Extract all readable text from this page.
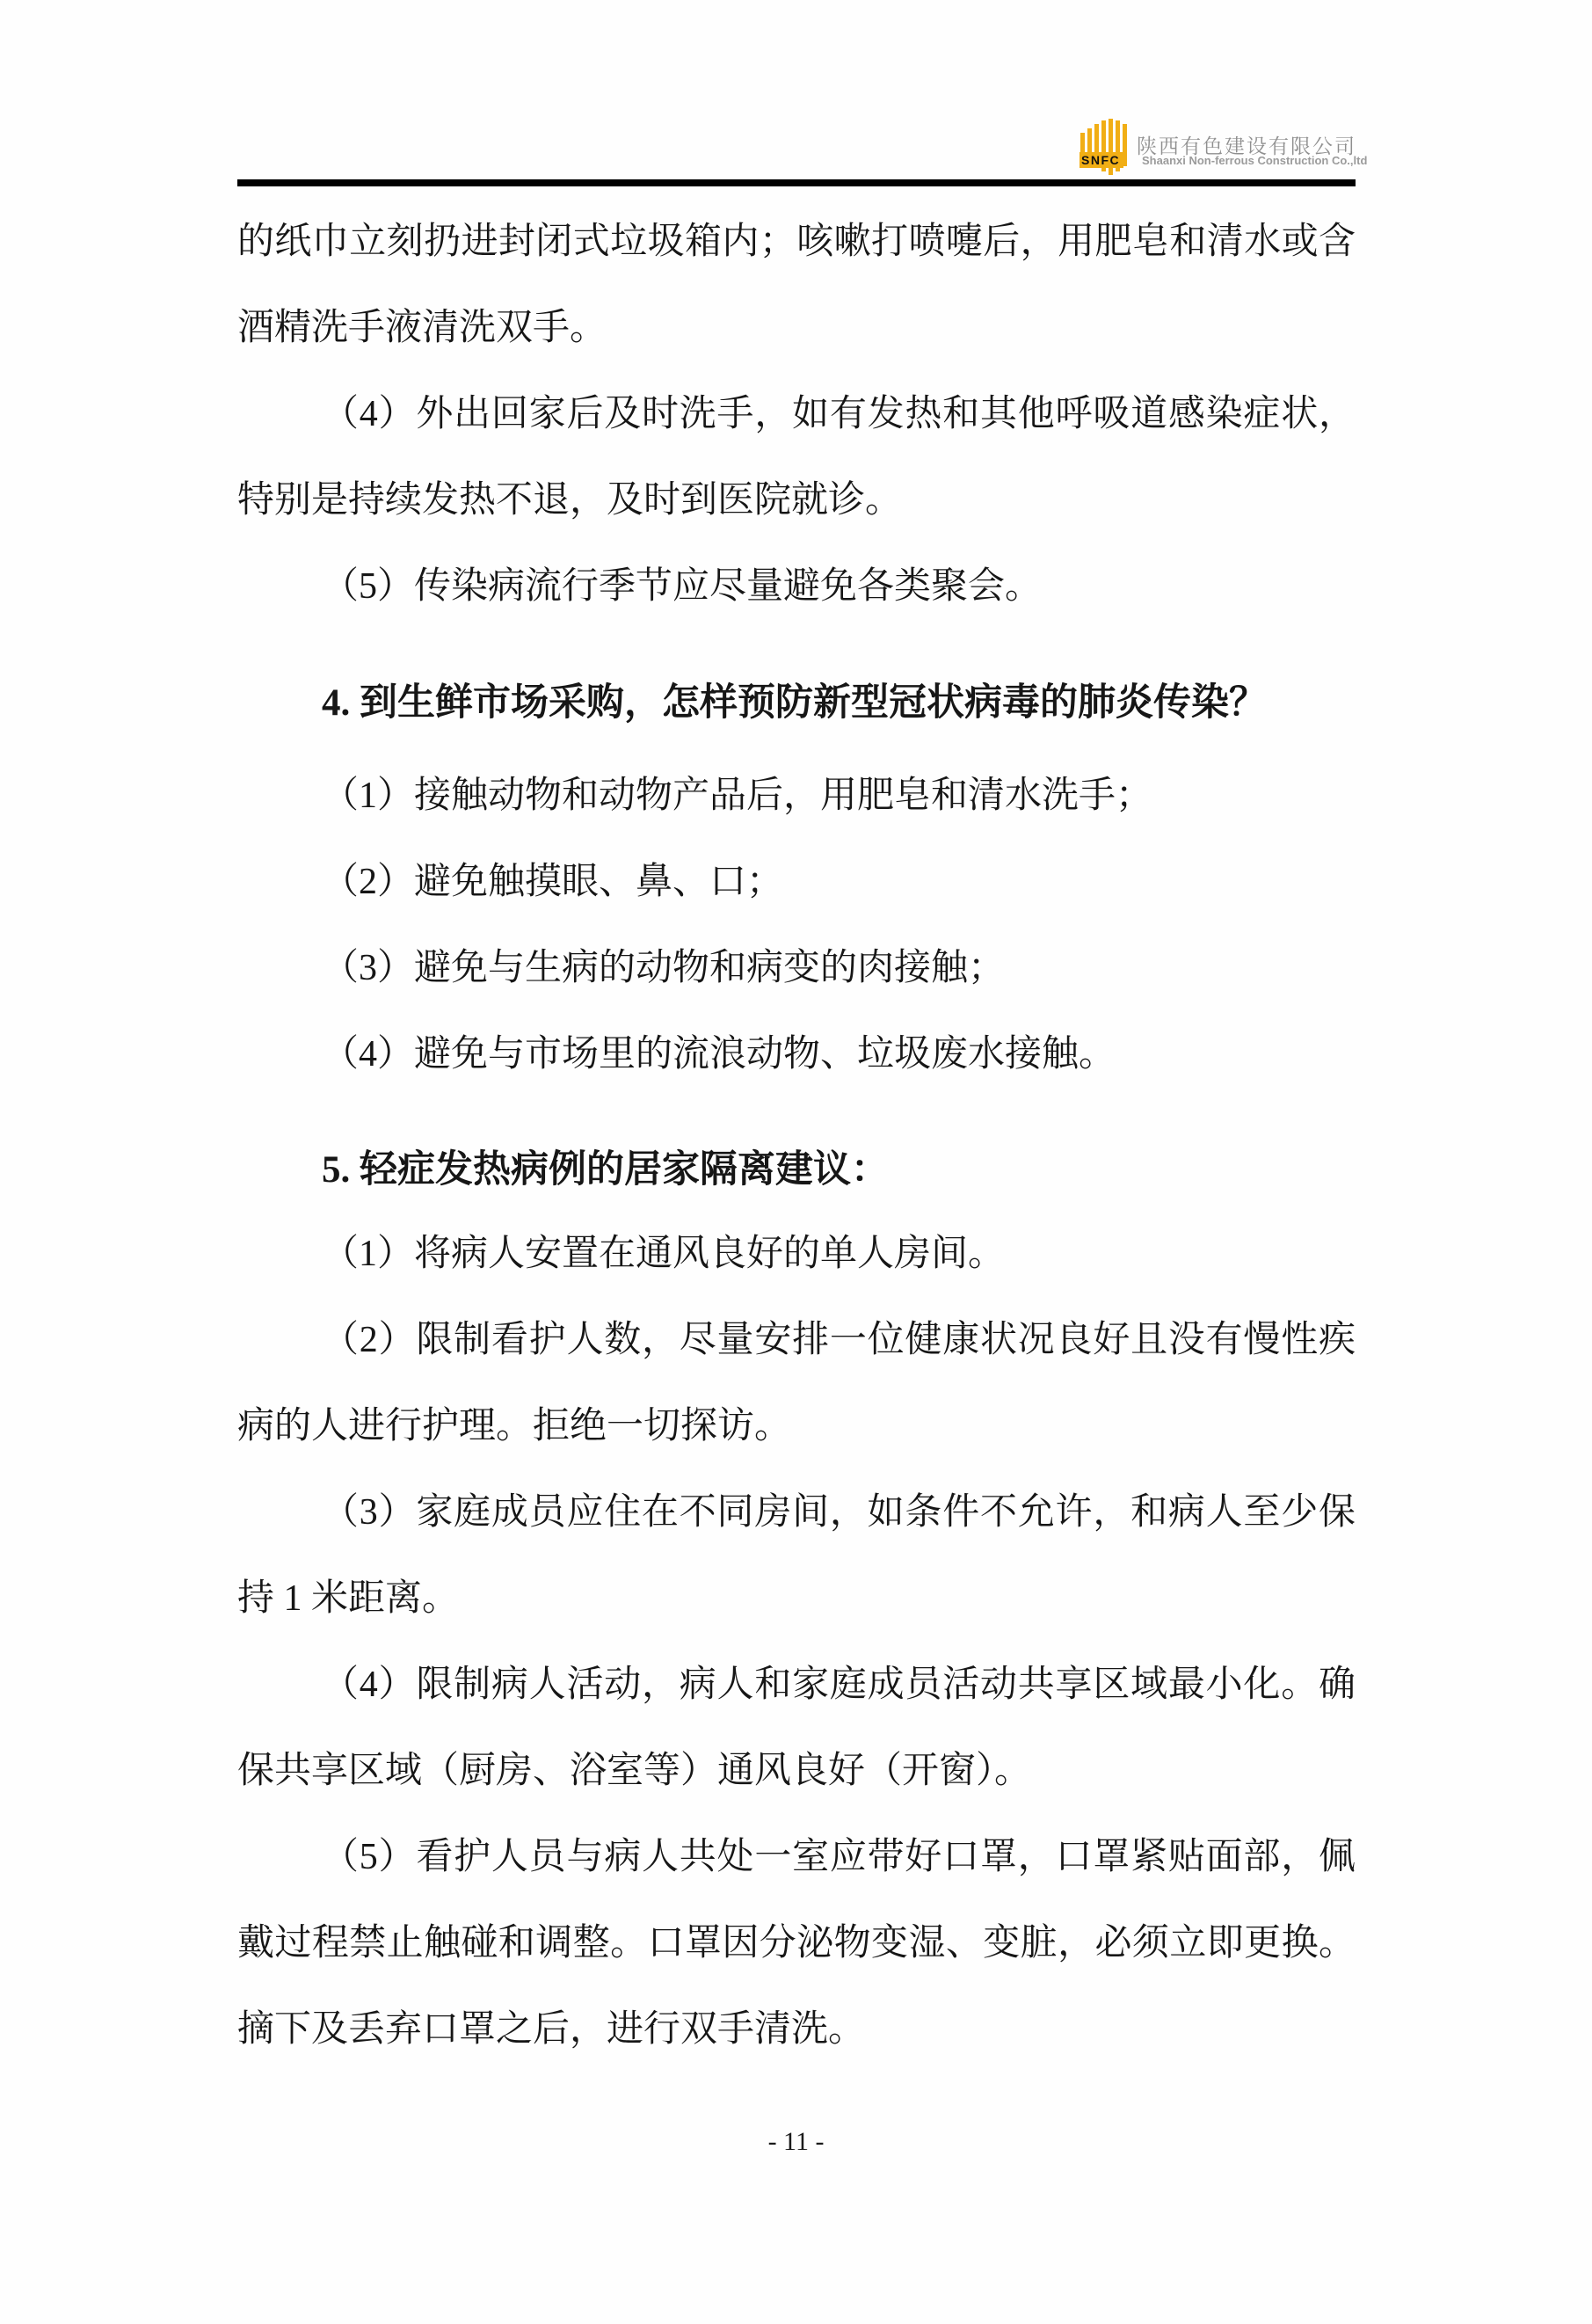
SNFC
陕西有色建设有限公司
Shaanxi Non-ferrous Construction Co.,ltd
的纸巾立刻扔进封闭式垃圾箱内；咳嗽打喷嚏后，用肥皂和清水或含
酒精洗手液清洗双手。
（4）外出回家后及时洗手，如有发热和其他呼吸道感染症状，
特别是持续发热不退，及时到医院就诊。
（5）传染病流行季节应尽量避免各类聚会。
4. 到生鲜市场采购，怎样预防新型冠状病毒的肺炎传染？
（1）接触动物和动物产品后，用肥皂和清水洗手；
（2）避免触摸眼、鼻、口；
（3）避免与生病的动物和病变的肉接触；
（4）避免与市场里的流浪动物、垃圾废水接触。
5. 轻症发热病例的居家隔离建议：
（1）将病人安置在通风良好的单人房间。
（2）限制看护人数，尽量安排一位健康状况良好且没有慢性疾
病的人进行护理。拒绝一切探访。
（3）家庭成员应住在不同房间，如条件不允许，和病人至少保
持 1 米距离。
（4）限制病人活动，病人和家庭成员活动共享区域最小化。确
保共享区域（厨房、浴室等）通风良好（开窗）。
（5）看护人员与病人共处一室应带好口罩，口罩紧贴面部，佩
戴过程禁止触碰和调整。口罩因分泌物变湿、变脏，必须立即更换。
摘下及丢弃口罩之后，进行双手清洗。
- 11 -
